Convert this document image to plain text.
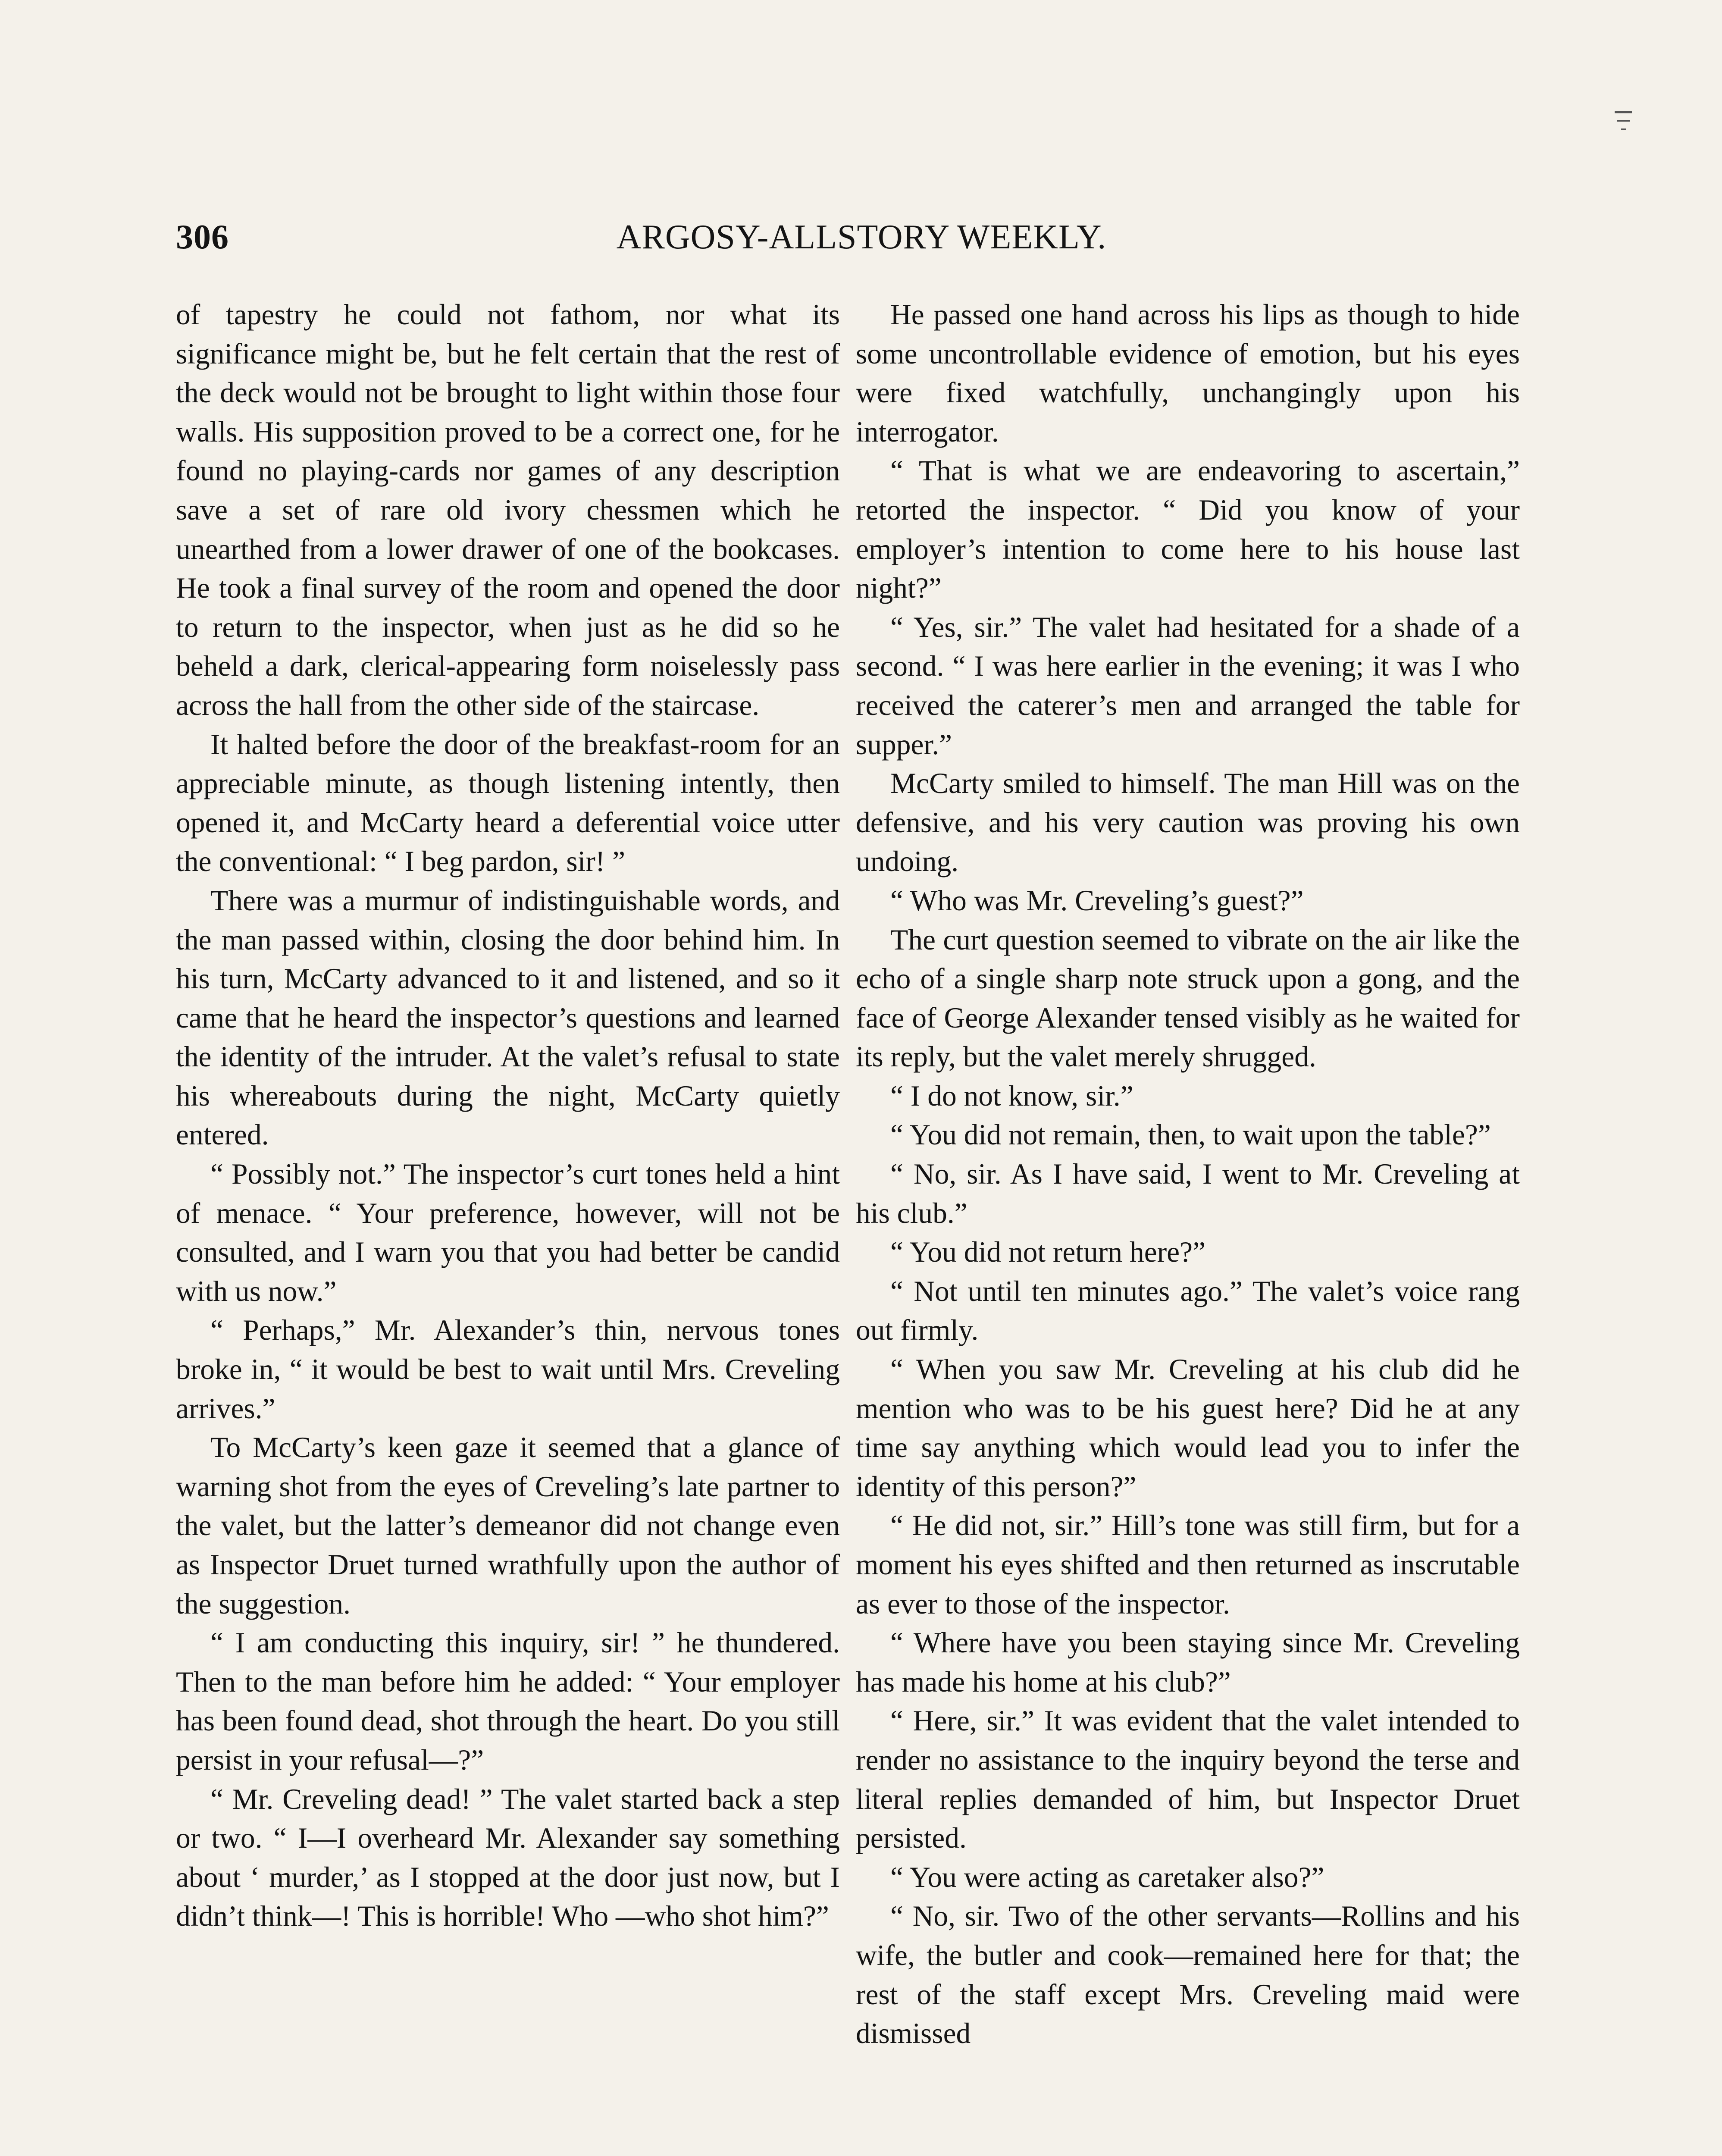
306	ARGOSY-ALLSTORY WEEKLY.

of tapestry he could not fathom, nor what its significance might be, but he felt certain that the rest of the deck would not be brought to light within those four walls. His supposition proved to be a correct one, for he found no playing-cards nor games of any description save a set of rare old ivory chessmen which he unearthed from a lower drawer of one of the bookcases. He took a final survey of the room and opened the door to return to the inspector, when just as he did so he beheld a dark, clerical-appearing form noiselessly pass across the hall from the other side of the staircase.

It halted before the door of the breakfast-room for an appreciable minute, as though listening intently, then opened it, and McCarty heard a deferential voice utter the conventional: “ I beg pardon, sir! ”

There was a murmur of indistinguishable words, and the man passed within, closing the door behind him. In his turn, McCarty advanced to it and listened, and so it came that he heard the inspector’s questions and learned the identity of the intruder. At the valet’s refusal to state his whereabouts during the night, McCarty quietly entered.

“ Possibly not.” The inspector’s curt tones held a hint of menace. “ Your preference, however, will not be consulted, and I warn you that you had better be candid with us now.”

“ Perhaps,” Mr. Alexander’s thin, nervous tones broke in, “ it would be best to wait until Mrs. Creveling arrives.”

To McCarty’s keen gaze it seemed that a glance of warning shot from the eyes of Creveling’s late partner to the valet, but the latter’s demeanor did not change even as Inspector Druet turned wrathfully upon the author of the suggestion.

“ I am conducting this inquiry, sir! ” he thundered. Then to the man before him he added: “ Your employer has been found dead, shot through the heart. Do you still persist in your refusal—?”

“ Mr. Creveling dead! ” The valet started back a step or two. “ I—I overheard Mr. Alexander say something about ‘ murder,’ as I stopped at the door just now, but I didn’t think—! This is horrible! Who —who shot him?”

He passed one hand across his lips as though to hide some uncontrollable evidence of emotion, but his eyes were fixed watchfully, unchangingly upon his interrogator.

“ That is what we are endeavoring to ascertain,” retorted the inspector. “ Did you know of your employer’s intention to come here to his house last night?”

“ Yes, sir.” The valet had hesitated for a shade of a second. “ I was here earlier in the evening; it was I who received the caterer’s men and arranged the table for supper.”

McCarty smiled to himself. The man Hill was on the defensive, and his very caution was proving his own undoing.

“ Who was Mr. Creveling’s guest?”

The curt question seemed to vibrate on the air like the echo of a single sharp note struck upon a gong, and the face of George Alexander tensed visibly as he waited for its reply, but the valet merely shrugged.

“ I do not know, sir.”

“ You did not remain, then, to wait upon the table?”

“ No, sir. As I have said, I went to Mr. Creveling at his club.”

“ You did not return here?”

“ Not until ten minutes ago.” The valet’s voice rang out firmly.

“ When you saw Mr. Creveling at his club did he mention who was to be his guest here? Did he at any time say anything which would lead you to infer the identity of this person?”

“ He did not, sir.” Hill’s tone was still firm, but for a moment his eyes shifted and then returned as inscrutable as ever to those of the inspector.

“ Where have you been staying since Mr. Creveling has made his home at his club?”

“ Here, sir.” It was evident that the valet intended to render no assistance to the inquiry beyond the terse and literal replies demanded of him, but Inspector Druet persisted.

“ You were acting as caretaker also?”

“ No, sir. Two of the other servants—Rollins and his wife, the butler and cook—remained here for that; the rest of the staff except Mrs. Creveling maid were dismissed
